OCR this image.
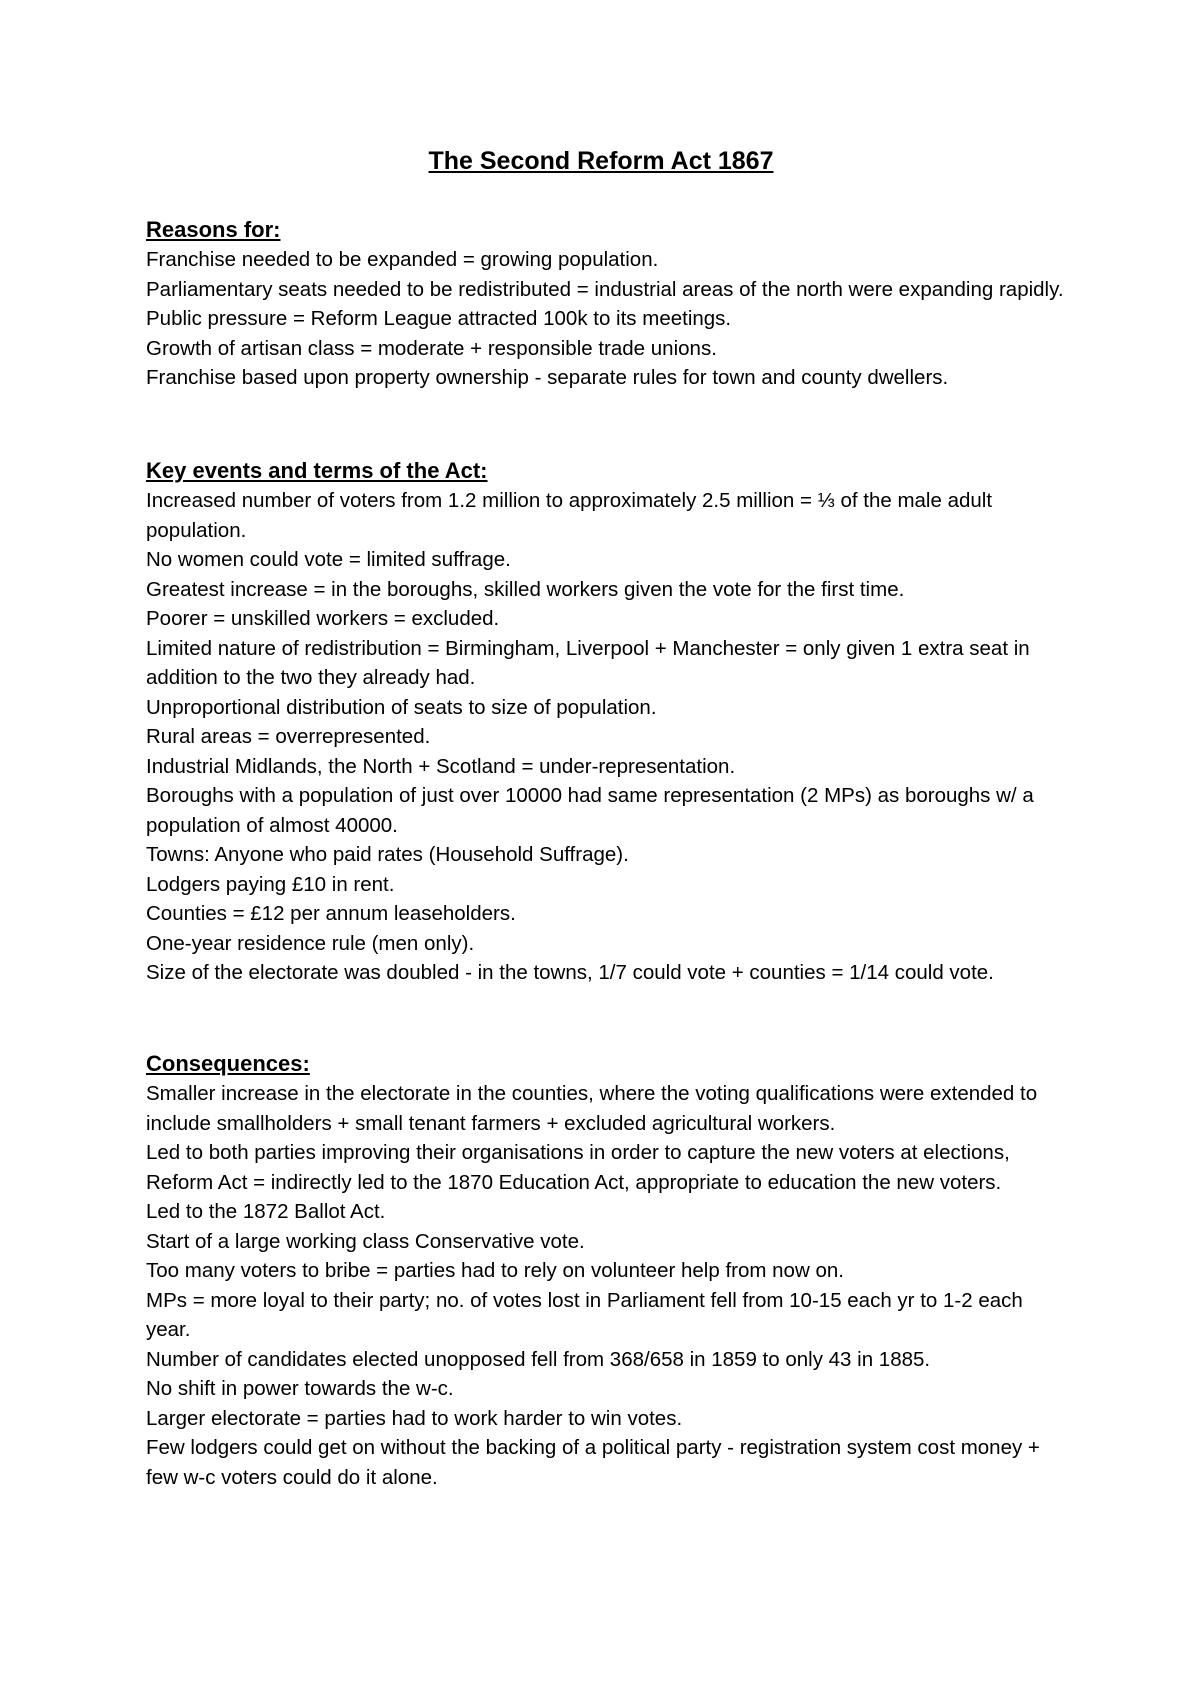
The Second Reform Act 1867
Reasons for:
Franchise needed to be expanded = growing population.
Parliamentary seats needed to be redistributed = industrial areas of the north were expanding rapidly.
Public pressure = Reform League attracted 100k to its meetings.
Growth of artisan class = moderate + responsible trade unions.
Franchise based upon property ownership - separate rules for town and county dwellers.
Key events and terms of the Act:
Increased number of voters from 1.2 million to approximately 2.5 million = ⅓ of the male adult population.
No women could vote = limited suffrage.
Greatest increase = in the boroughs, skilled workers given the vote for the first time.
Poorer = unskilled workers = excluded.
Limited nature of redistribution = Birmingham, Liverpool + Manchester = only given 1 extra seat in addition to the two they already had.
Unproportional distribution of seats to size of population.
Rural areas = overrepresented.
Industrial Midlands, the North + Scotland = under-representation.
Boroughs with a population of just over 10000 had same representation (2 MPs) as boroughs w/ a population of almost 40000.
Towns: Anyone who paid rates (Household Suffrage).
Lodgers paying £10 in rent.
Counties = £12 per annum leaseholders.
One-year residence rule (men only).
Size of the electorate was doubled - in the towns, 1/7 could vote + counties = 1/14 could vote.
Consequences:
Smaller increase in the electorate in the counties, where the voting qualifications were extended to include smallholders + small tenant farmers + excluded agricultural workers.
Led to both parties improving their organisations in order to capture the new voters at elections,
Reform Act = indirectly led to the 1870 Education Act, appropriate to education the new voters.
Led to the 1872 Ballot Act.
Start of a large working class Conservative vote.
Too many voters to bribe = parties had to rely on volunteer help from now on.
MPs = more loyal to their party; no. of votes lost in Parliament fell from 10-15 each yr to 1-2 each year.
Number of candidates elected unopposed fell from 368/658 in 1859 to only 43 in 1885.
No shift in power towards the w-c.
Larger electorate = parties had to work harder to win votes.
Few lodgers could get on without the backing of a political party - registration system cost money + few w-c voters could do it alone.
